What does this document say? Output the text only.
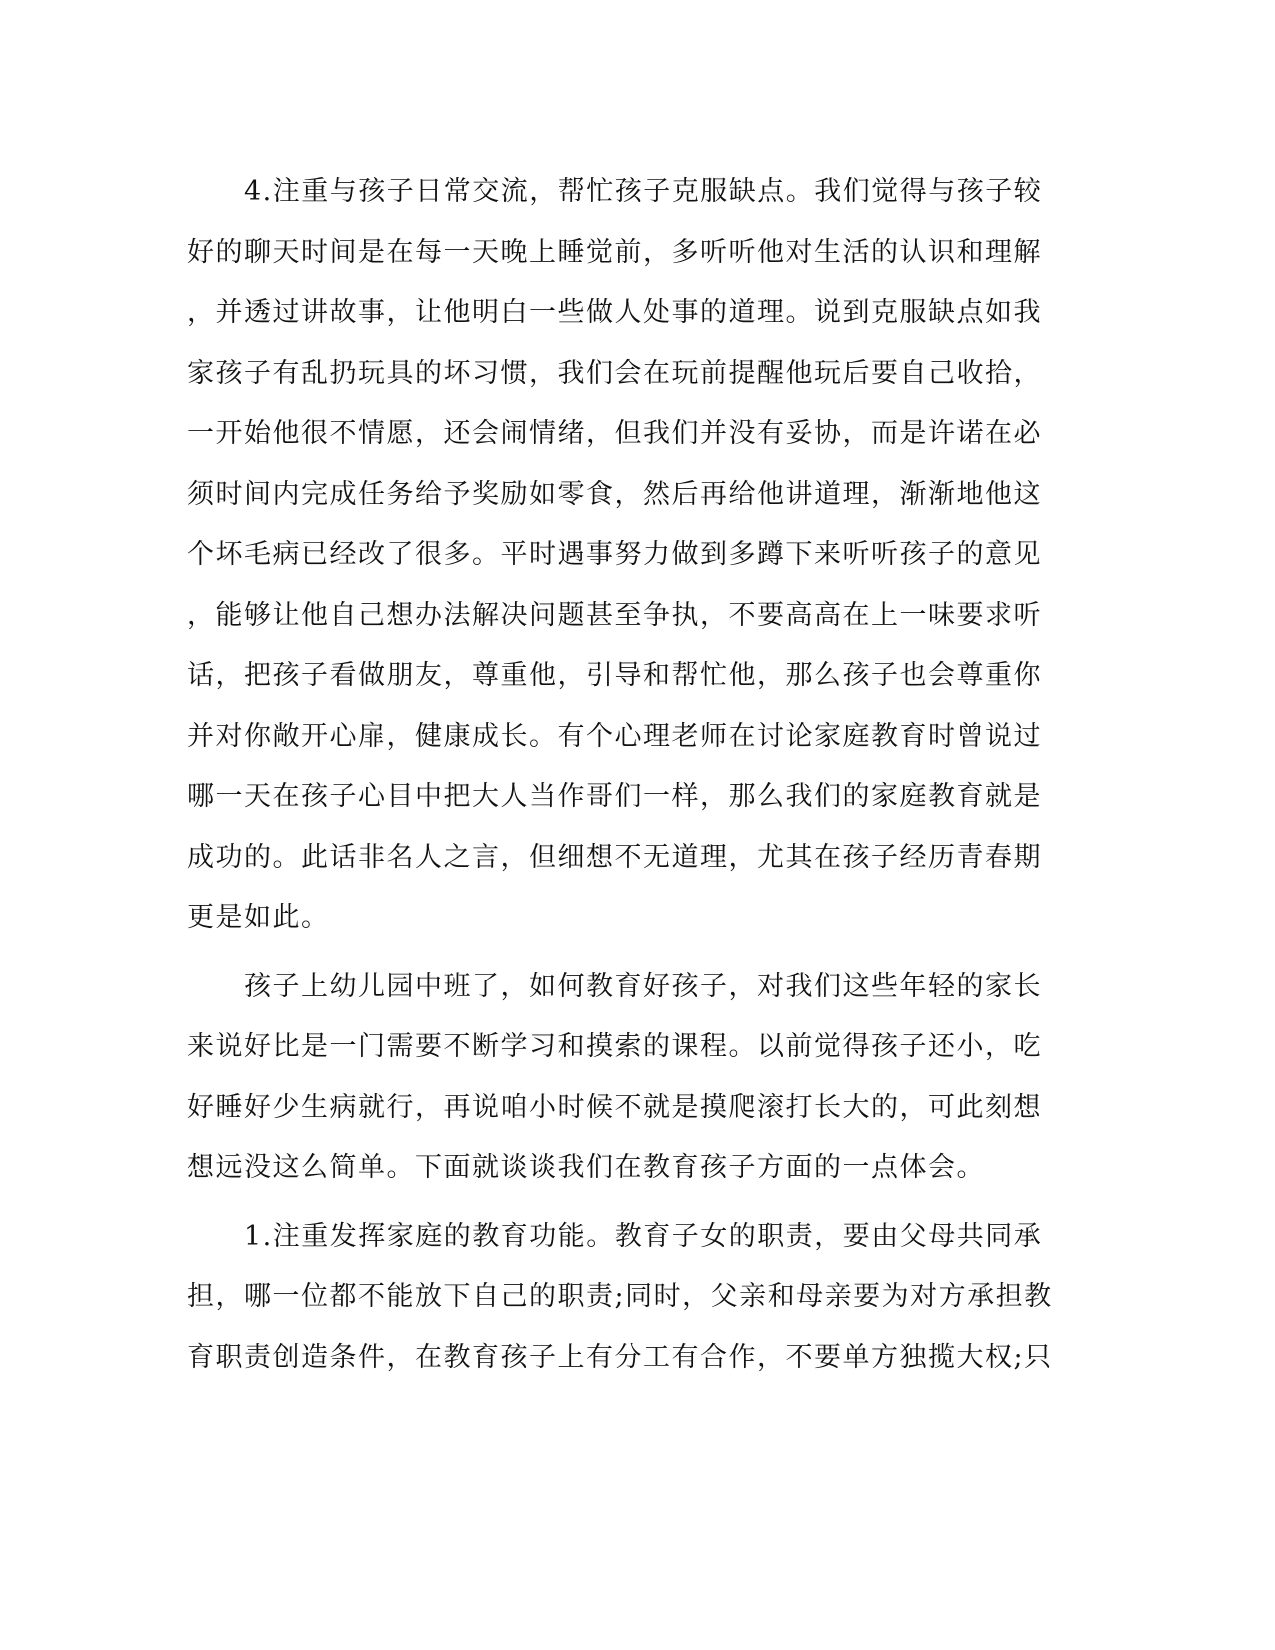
　　4.注重与孩子日常交流，帮忙孩子克服缺点。我们觉得与孩子较
好的聊天时间是在每一天晚上睡觉前，多听听他对生活的认识和理解
，并透过讲故事，让他明白一些做人处事的道理。说到克服缺点如我
家孩子有乱扔玩具的坏习惯，我们会在玩前提醒他玩后要自己收拾，
一开始他很不情愿，还会闹情绪，但我们并没有妥协，而是许诺在必
须时间内完成任务给予奖励如零食，然后再给他讲道理，渐渐地他这
个坏毛病已经改了很多。平时遇事努力做到多蹲下来听听孩子的意见
，能够让他自己想办法解决问题甚至争执，不要高高在上一味要求听
话，把孩子看做朋友，尊重他，引导和帮忙他，那么孩子也会尊重你
并对你敞开心扉，健康成长。有个心理老师在讨论家庭教育时曾说过
哪一天在孩子心目中把大人当作哥们一样，那么我们的家庭教育就是
成功的。此话非名人之言，但细想不无道理，尤其在孩子经历青春期
更是如此。
　　孩子上幼儿园中班了，如何教育好孩子，对我们这些年轻的家长
来说好比是一门需要不断学习和摸索的课程。以前觉得孩子还小，吃
好睡好少生病就行，再说咱小时候不就是摸爬滚打长大的，可此刻想
想远没这么简单。下面就谈谈我们在教育孩子方面的一点体会。
　　1.注重发挥家庭的教育功能。教育子女的职责，要由父母共同承
担，哪一位都不能放下自己的职责;同时，父亲和母亲要为对方承担教
育职责创造条件，在教育孩子上有分工有合作，不要单方独揽大权;只
